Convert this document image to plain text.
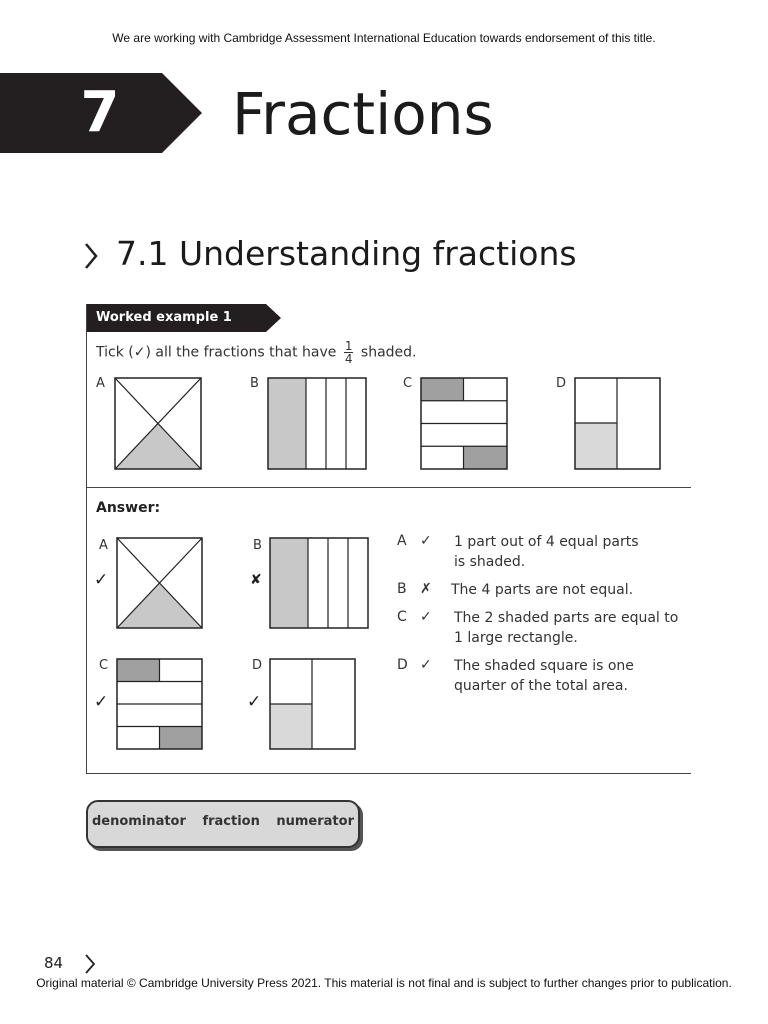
We are working with Cambridge Assessment International Education towards endorsement of this title.
7	Fractions
7.1 Understanding fractions
Worked example 1
Tick (✓) all the fractions that have $\frac{1}{4}$ shaded.
A	B	C	D
Answer:
A
✓
B
✘
C
✓
D
✓
A ✓ 1 part out of 4 equal parts is shaded.
B ✗ The 4 parts are not equal.
C ✓ The 2 shaded parts are equal to 1 large rectangle.
D ✓ The shaded square is one quarter of the total area.
denominator fraction numerator
84
Original material © Cambridge University Press 2021. This material is not final and is subject to further changes prior to publication.
